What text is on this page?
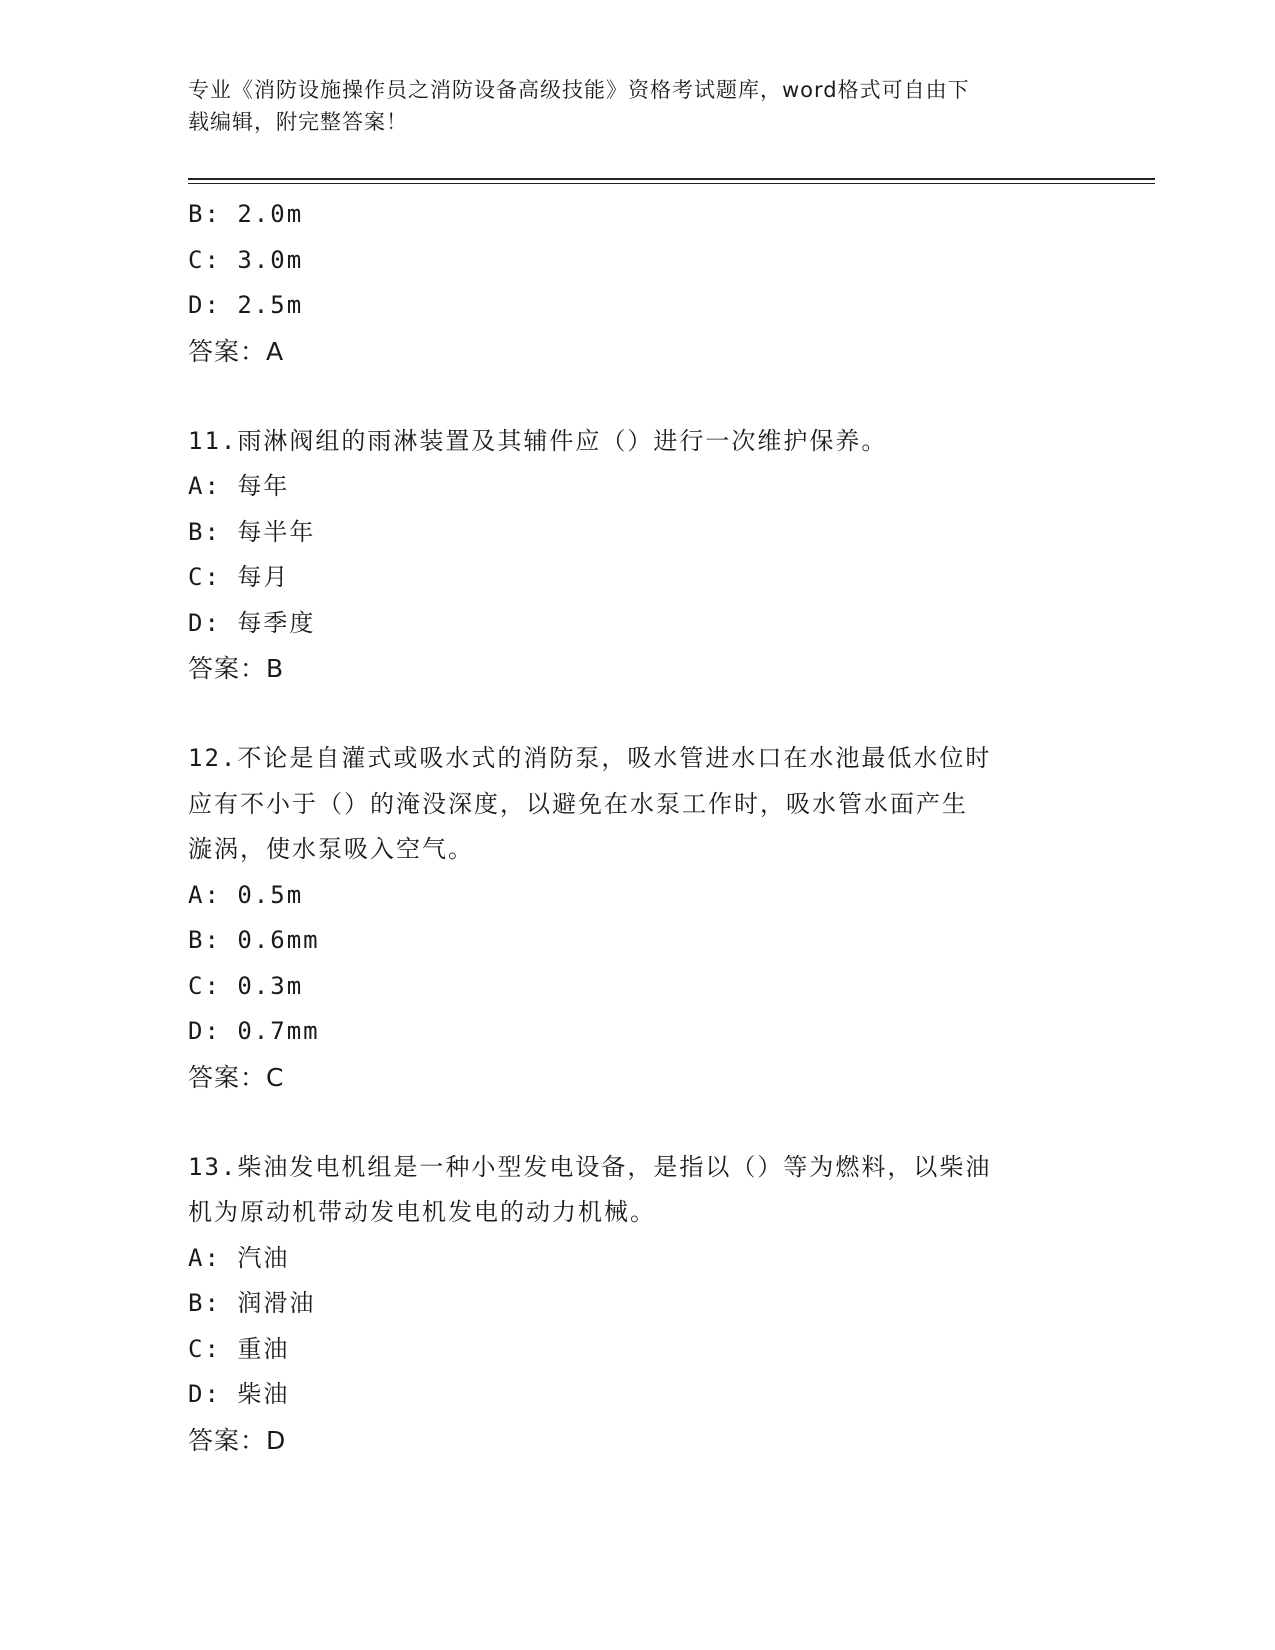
专业《消防设施操作员之消防设备高级技能》资格考试题库，word格式可自由下
载编辑，附完整答案！
B: 2.0m
C: 3.0m
D: 2.5m
答案：A
11.雨淋阀组的雨淋装置及其辅件应（）进行一次维护保养。
A: 每年
B: 每半年
C: 每月
D: 每季度
答案：B
12.不论是自灌式或吸水式的消防泵，吸水管进水口在水池最低水位时
应有不小于（）的淹没深度，以避免在水泵工作时，吸水管水面产生
漩涡，使水泵吸入空气。
A: 0.5m
B: 0.6mm
C: 0.3m
D: 0.7mm
答案：C
13.柴油发电机组是一种小型发电设备，是指以（）等为燃料，以柴油
机为原动机带动发电机发电的动力机械。
A: 汽油
B: 润滑油
C: 重油
D: 柴油
答案：D
